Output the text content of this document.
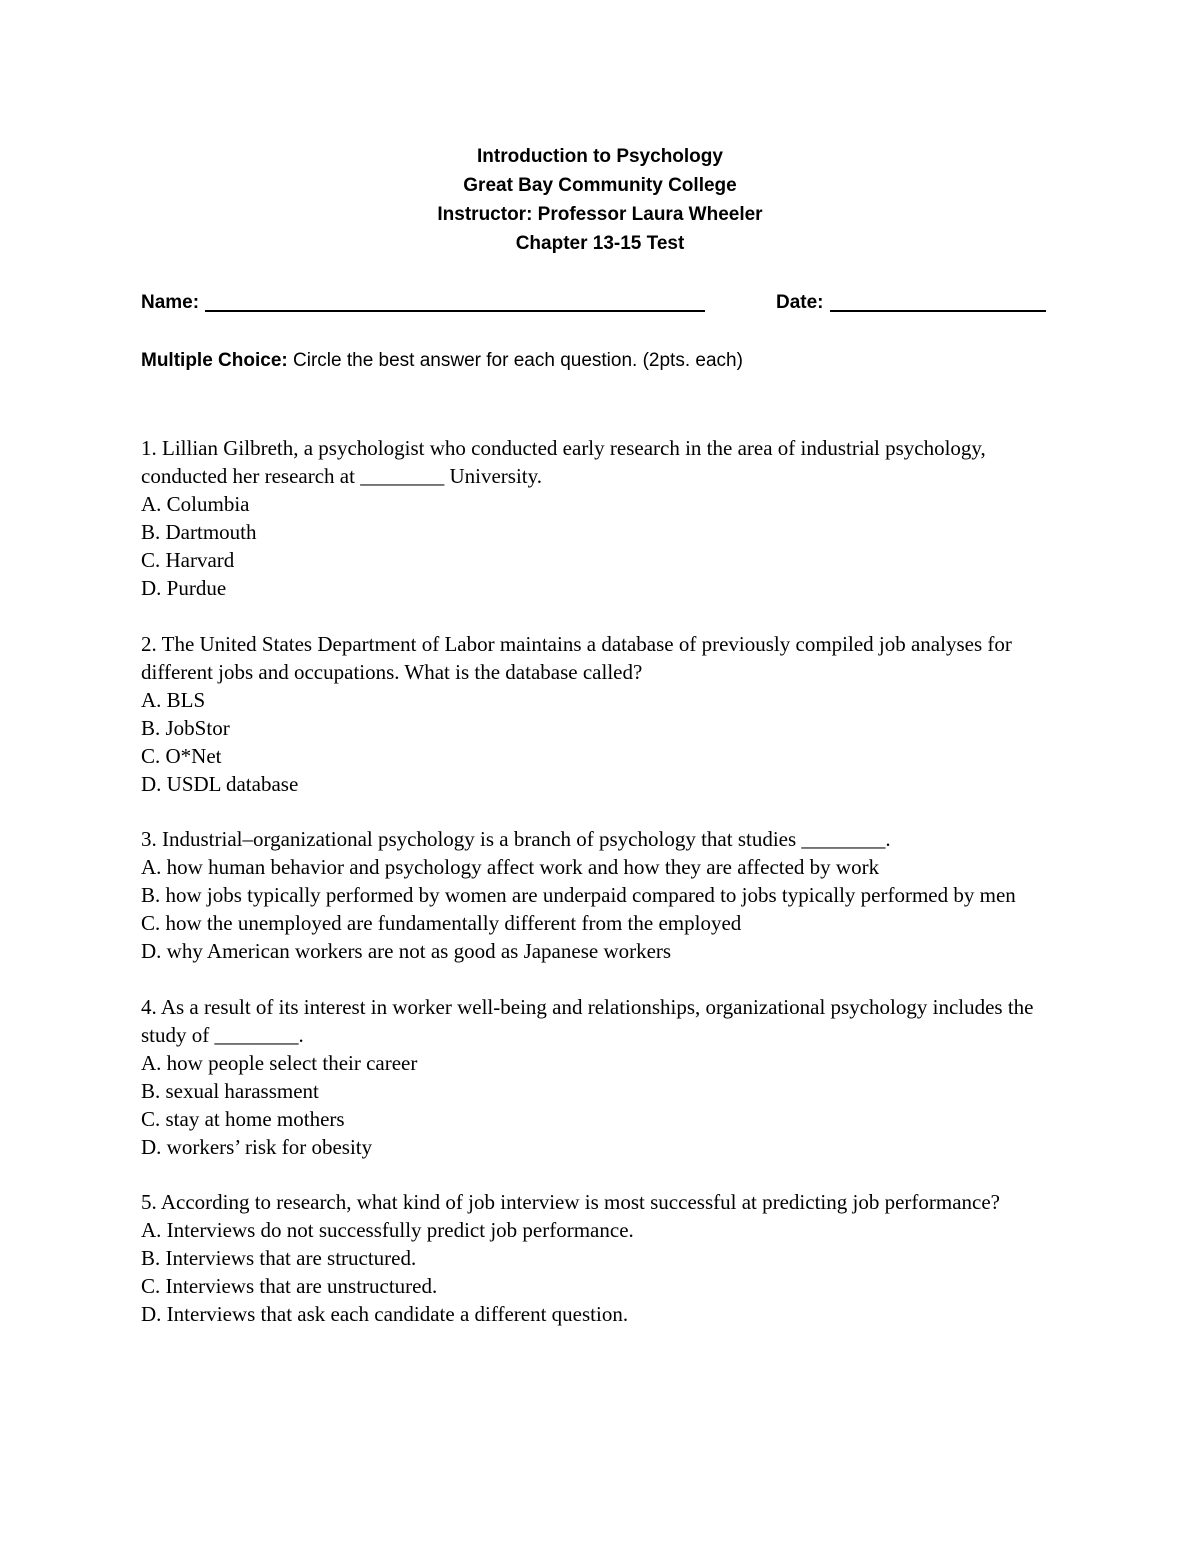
Introduction to Psychology
Great Bay Community College
Instructor: Professor Laura Wheeler
Chapter 13-15 Test
Name:	Date:
Multiple Choice: Circle the best answer for each question. (2pts. each)
1. Lillian Gilbreth, a psychologist who conducted early research in the area of industrial psychology, conducted her research at ________ University.
A. Columbia
B. Dartmouth
C. Harvard
D. Purdue
2. The United States Department of Labor maintains a database of previously compiled job analyses for different jobs and occupations. What is the database called?
A. BLS
B. JobStor
C. O*Net
D. USDL database
3. Industrial–organizational psychology is a branch of psychology that studies ________.
A. how human behavior and psychology affect work and how they are affected by work
B. how jobs typically performed by women are underpaid compared to jobs typically performed by men
C. how the unemployed are fundamentally different from the employed
D. why American workers are not as good as Japanese workers
4. As a result of its interest in worker well-being and relationships, organizational psychology includes the study of ________.
A. how people select their career
B. sexual harassment
C. stay at home mothers
D. workers’ risk for obesity
5. According to research, what kind of job interview is most successful at predicting job performance?
A. Interviews do not successfully predict job performance.
B. Interviews that are structured.
C. Interviews that are unstructured.
D. Interviews that ask each candidate a different question.
